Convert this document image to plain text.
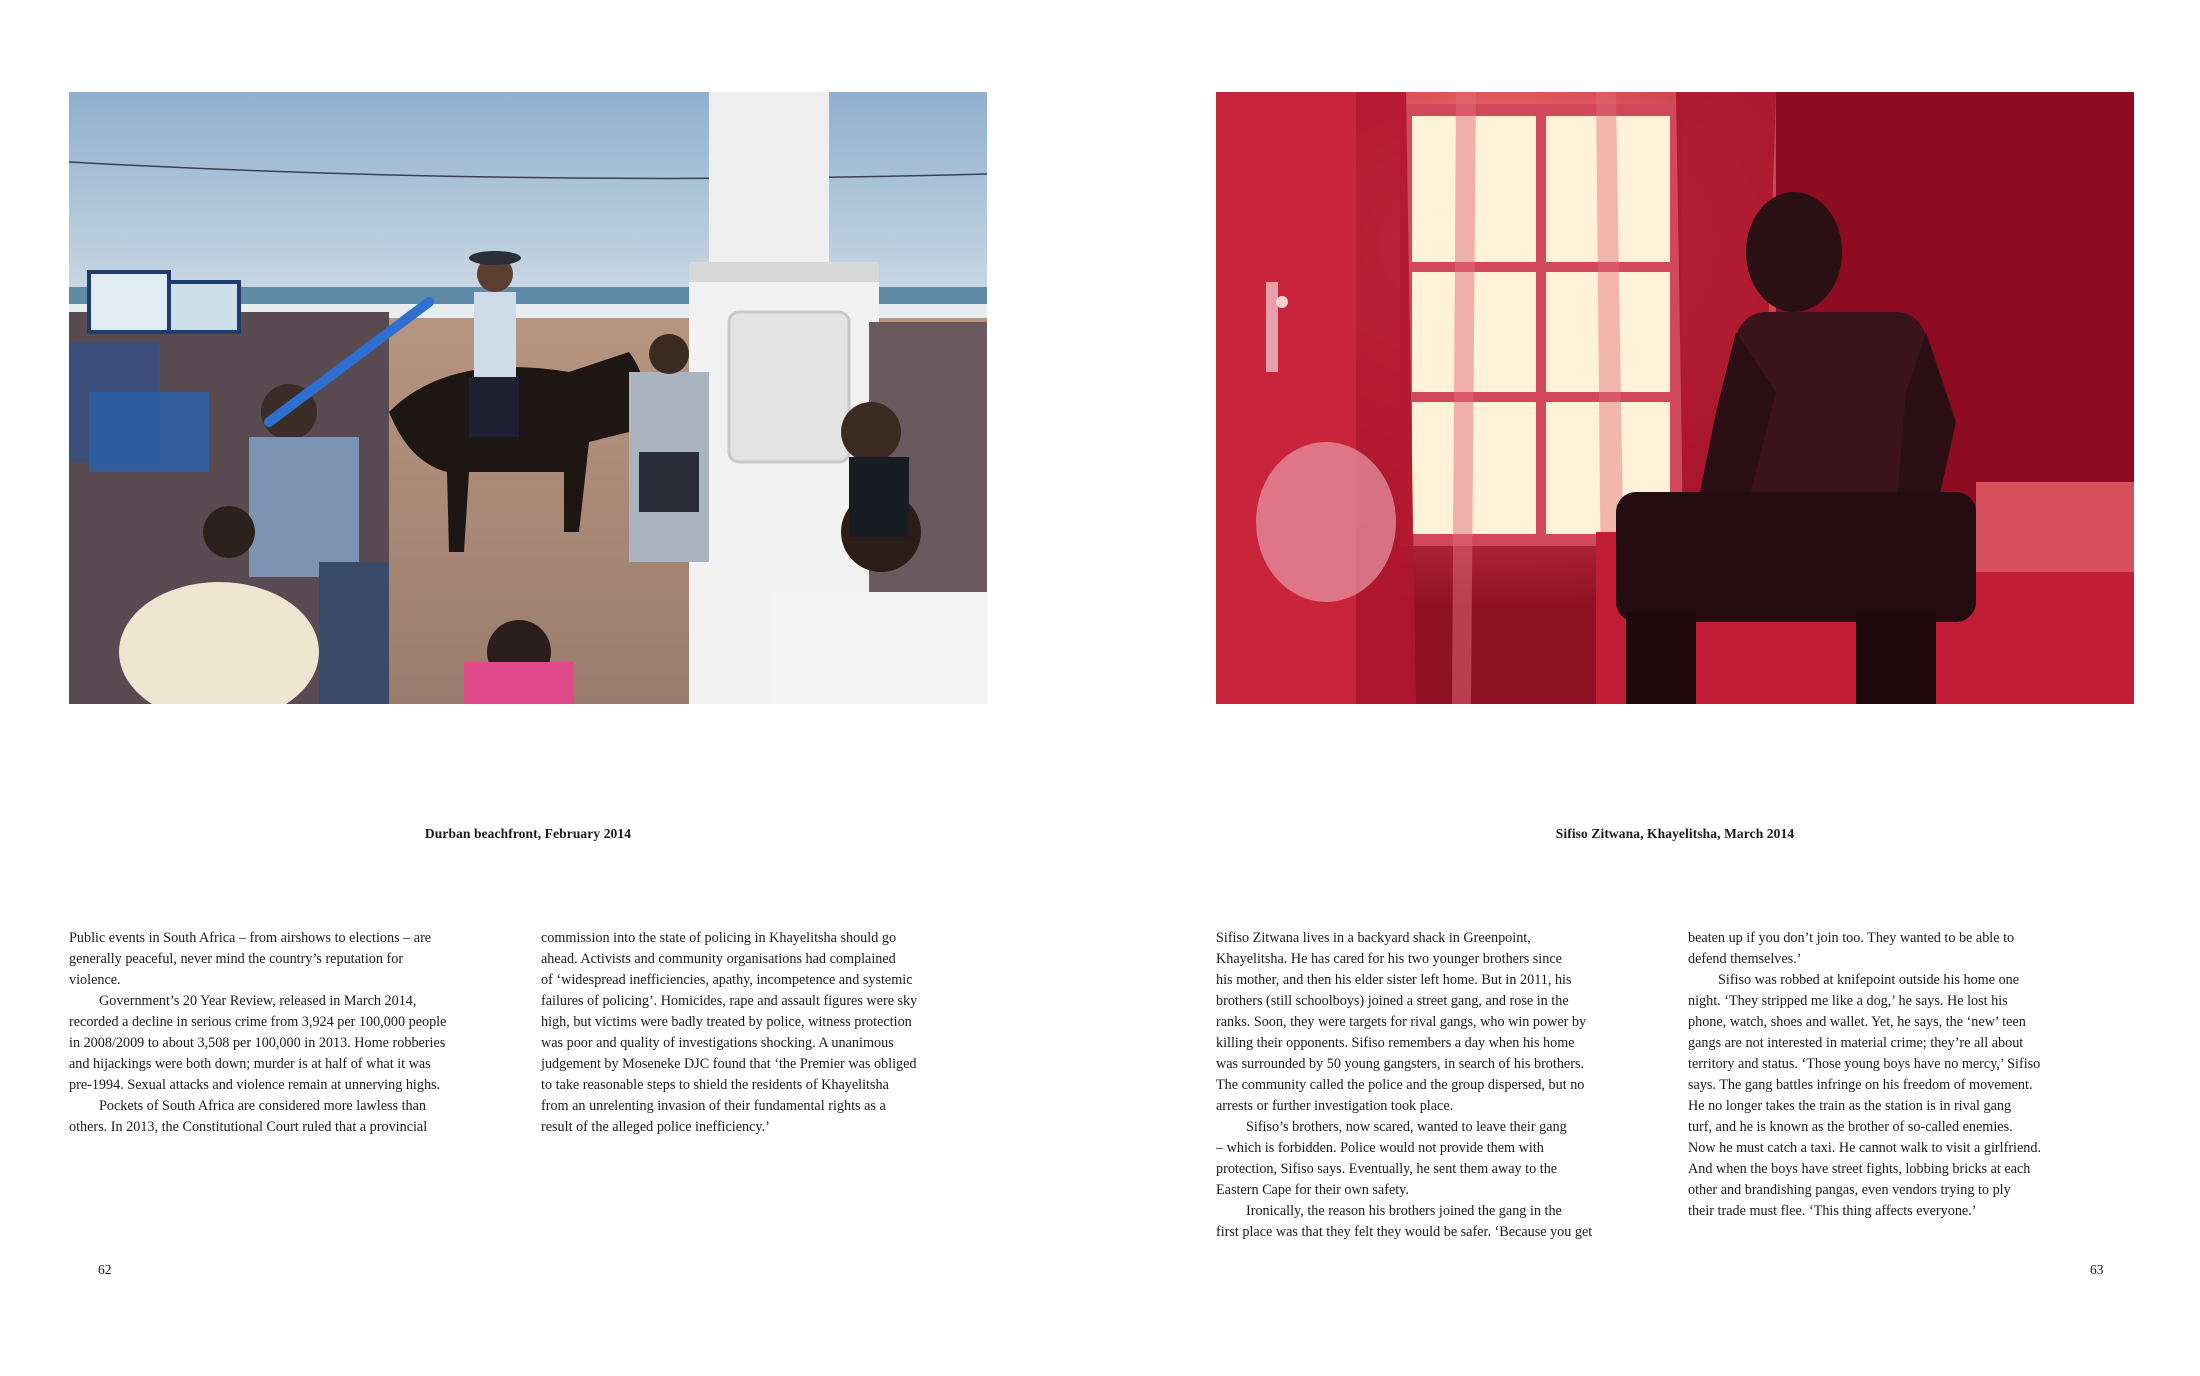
Durban beachfront, February 2014
Public events in South Africa – from airshows to elections – are
generally peaceful, never mind the country’s reputation for
violence.
Government’s 20 Year Review, released in March 2014,
recorded a decline in serious crime from 3,924 per 100,000 people
in 2008/2009 to about 3,508 per 100,000 in 2013. Home robberies
and hijackings were both down; murder is at half of what it was
pre-1994. Sexual attacks and violence remain at unnerving highs.
Pockets of South Africa are considered more lawless than
others. In 2013, the Constitutional Court ruled that a provincial
commission into the state of policing in Khayelitsha should go
ahead. Activists and community organisations had complained
of ‘widespread inefficiencies, apathy, incompetence and systemic
failures of policing’. Homicides, rape and assault figures were sky
high, but victims were badly treated by police, witness protection
was poor and quality of investigations shocking. A unanimous
judgement by Moseneke DJC found that ‘the Premier was obliged
to take reasonable steps to shield the residents of Khayelitsha
from an unrelenting invasion of their fundamental rights as a
result of the alleged police inefficiency.’
62
Sifiso Zitwana, Khayelitsha, March 2014
Sifiso Zitwana lives in a backyard shack in Greenpoint,
Khayelitsha. He has cared for his two younger brothers since
his mother, and then his elder sister left home. But in 2011, his
brothers (still schoolboys) joined a street gang, and rose in the
ranks. Soon, they were targets for rival gangs, who win power by
killing their opponents. Sifiso remembers a day when his home
was surrounded by 50 young gangsters, in search of his brothers.
The community called the police and the group dispersed, but no
arrests or further investigation took place.
Sifiso’s brothers, now scared, wanted to leave their gang
– which is forbidden. Police would not provide them with
protection, Sifiso says. Eventually, he sent them away to the
Eastern Cape for their own safety.
Ironically, the reason his brothers joined the gang in the
first place was that they felt they would be safer. ‘Because you get
beaten up if you don’t join too. They wanted to be able to
defend themselves.’
Sifiso was robbed at knifepoint outside his home one
night. ‘They stripped me like a dog,’ he says. He lost his
phone, watch, shoes and wallet. Yet, he says, the ‘new’ teen
gangs are not interested in material crime; they’re all about
territory and status. ‘Those young boys have no mercy,’ Sifiso
says. The gang battles infringe on his freedom of movement.
He no longer takes the train as the station is in rival gang
turf, and he is known as the brother of so-called enemies.
Now he must catch a taxi. He cannot walk to visit a girlfriend.
And when the boys have street fights, lobbing bricks at each
other and brandishing pangas, even vendors trying to ply
their trade must flee. ‘This thing affects everyone.’
63
